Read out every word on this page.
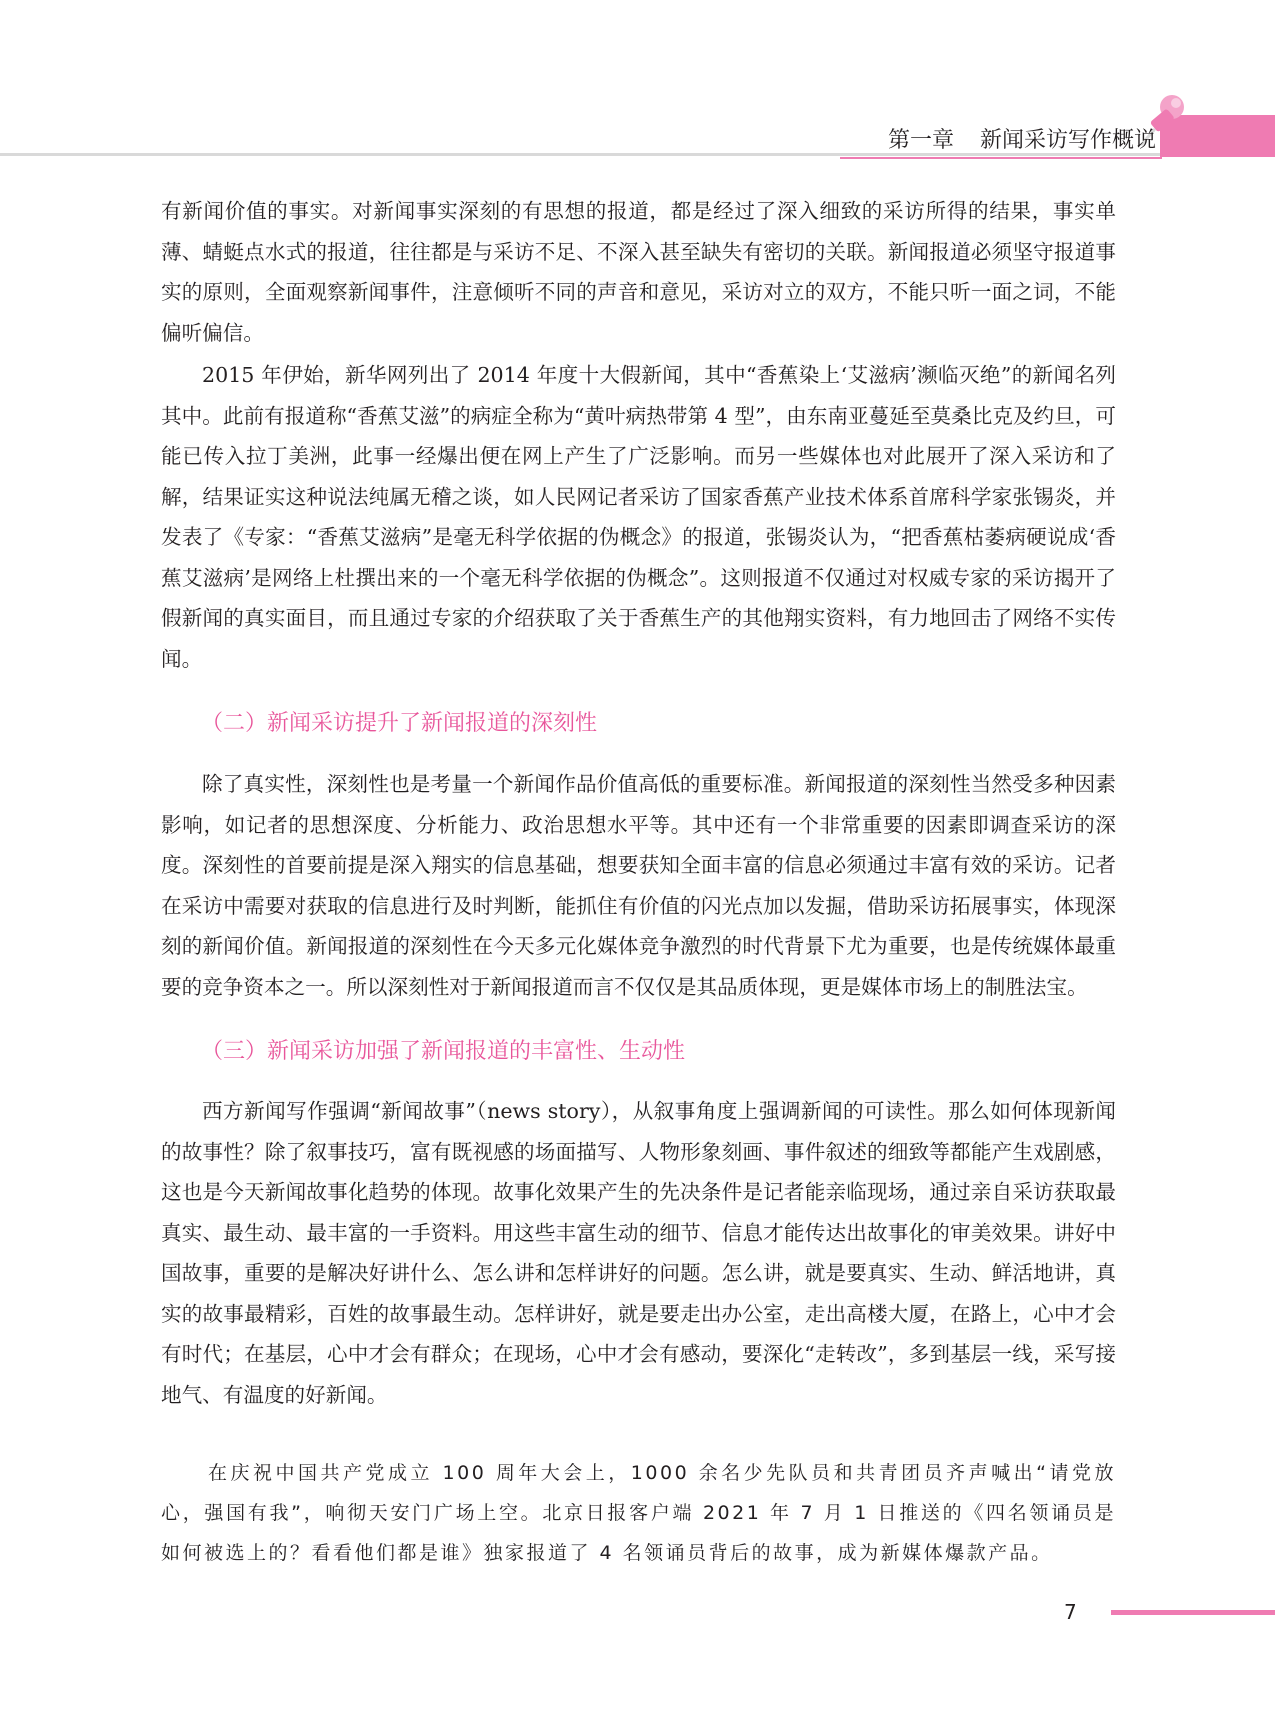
第一章 新闻采访写作概说

有新闻价值的事实。对新闻事实深刻的有思想的报道，都是经过了深入细致的采访所得的结果，事实单薄、蜻蜓点水式的报道，往往都是与采访不足、不深入甚至缺失有密切的关联。新闻报道必须坚守报道事实的原则，全面观察新闻事件，注意倾听不同的声音和意见，采访对立的双方，不能只听一面之词，不能偏听偏信。

2015 年伊始，新华网列出了 2014 年度十大假新闻，其中“香蕉染上‘艾滋病’濒临灭绝”的新闻名列其中。此前有报道称“香蕉艾滋”的病症全称为“黄叶病热带第 4 型”，由东南亚蔓延至莫桑比克及约旦，可能已传入拉丁美洲，此事一经爆出便在网上产生了广泛影响。而另一些媒体也对此展开了深入采访和了解，结果证实这种说法纯属无稽之谈，如人民网记者采访了国家香蕉产业技术体系首席科学家张锡炎，并发表了《专家：“香蕉艾滋病”是毫无科学依据的伪概念》的报道，张锡炎认为，“把香蕉枯萎病硬说成‘香蕉艾滋病’是网络上杜撰出来的一个毫无科学依据的伪概念”。这则报道不仅通过对权威专家的采访揭开了假新闻的真实面目，而且通过专家的介绍获取了关于香蕉生产的其他翔实资料，有力地回击了网络不实传闻。

（二）新闻采访提升了新闻报道的深刻性

除了真实性，深刻性也是考量一个新闻作品价值高低的重要标准。新闻报道的深刻性当然受多种因素影响，如记者的思想深度、分析能力、政治思想水平等。其中还有一个非常重要的因素即调查采访的深度。深刻性的首要前提是深入翔实的信息基础，想要获知全面丰富的信息必须通过丰富有效的采访。记者在采访中需要对获取的信息进行及时判断，能抓住有价值的闪光点加以发掘，借助采访拓展事实，体现深刻的新闻价值。新闻报道的深刻性在今天多元化媒体竞争激烈的时代背景下尤为重要，也是传统媒体最重要的竞争资本之一。所以深刻性对于新闻报道而言不仅仅是其品质体现，更是媒体市场上的制胜法宝。

（三）新闻采访加强了新闻报道的丰富性、生动性

西方新闻写作强调“新闻故事”（news story），从叙事角度上强调新闻的可读性。那么如何体现新闻的故事性？除了叙事技巧，富有既视感的场面描写、人物形象刻画、事件叙述的细致等都能产生戏剧感，这也是今天新闻故事化趋势的体现。故事化效果产生的先决条件是记者能亲临现场，通过亲自采访获取最真实、最生动、最丰富的一手资料。用这些丰富生动的细节、信息才能传达出故事化的审美效果。讲好中国故事，重要的是解决好讲什么、怎么讲和怎样讲好的问题。怎么讲，就是要真实、生动、鲜活地讲，真实的故事最精彩，百姓的故事最生动。怎样讲好，就是要走出办公室，走出高楼大厦，在路上，心中才会有时代；在基层，心中才会有群众；在现场，心中才会有感动，要深化“走转改”，多到基层一线，采写接地气、有温度的好新闻。

在庆祝中国共产党成立 100 周年大会上，1000 余名少先队员和共青团员齐声喊出“请党放心，强国有我”，响彻天安门广场上空。北京日报客户端 2021 年 7 月 1 日推送的《四名领诵员是如何被选上的？看看他们都是谁》独家报道了 4 名领诵员背后的故事，成为新媒体爆款产品。

7
